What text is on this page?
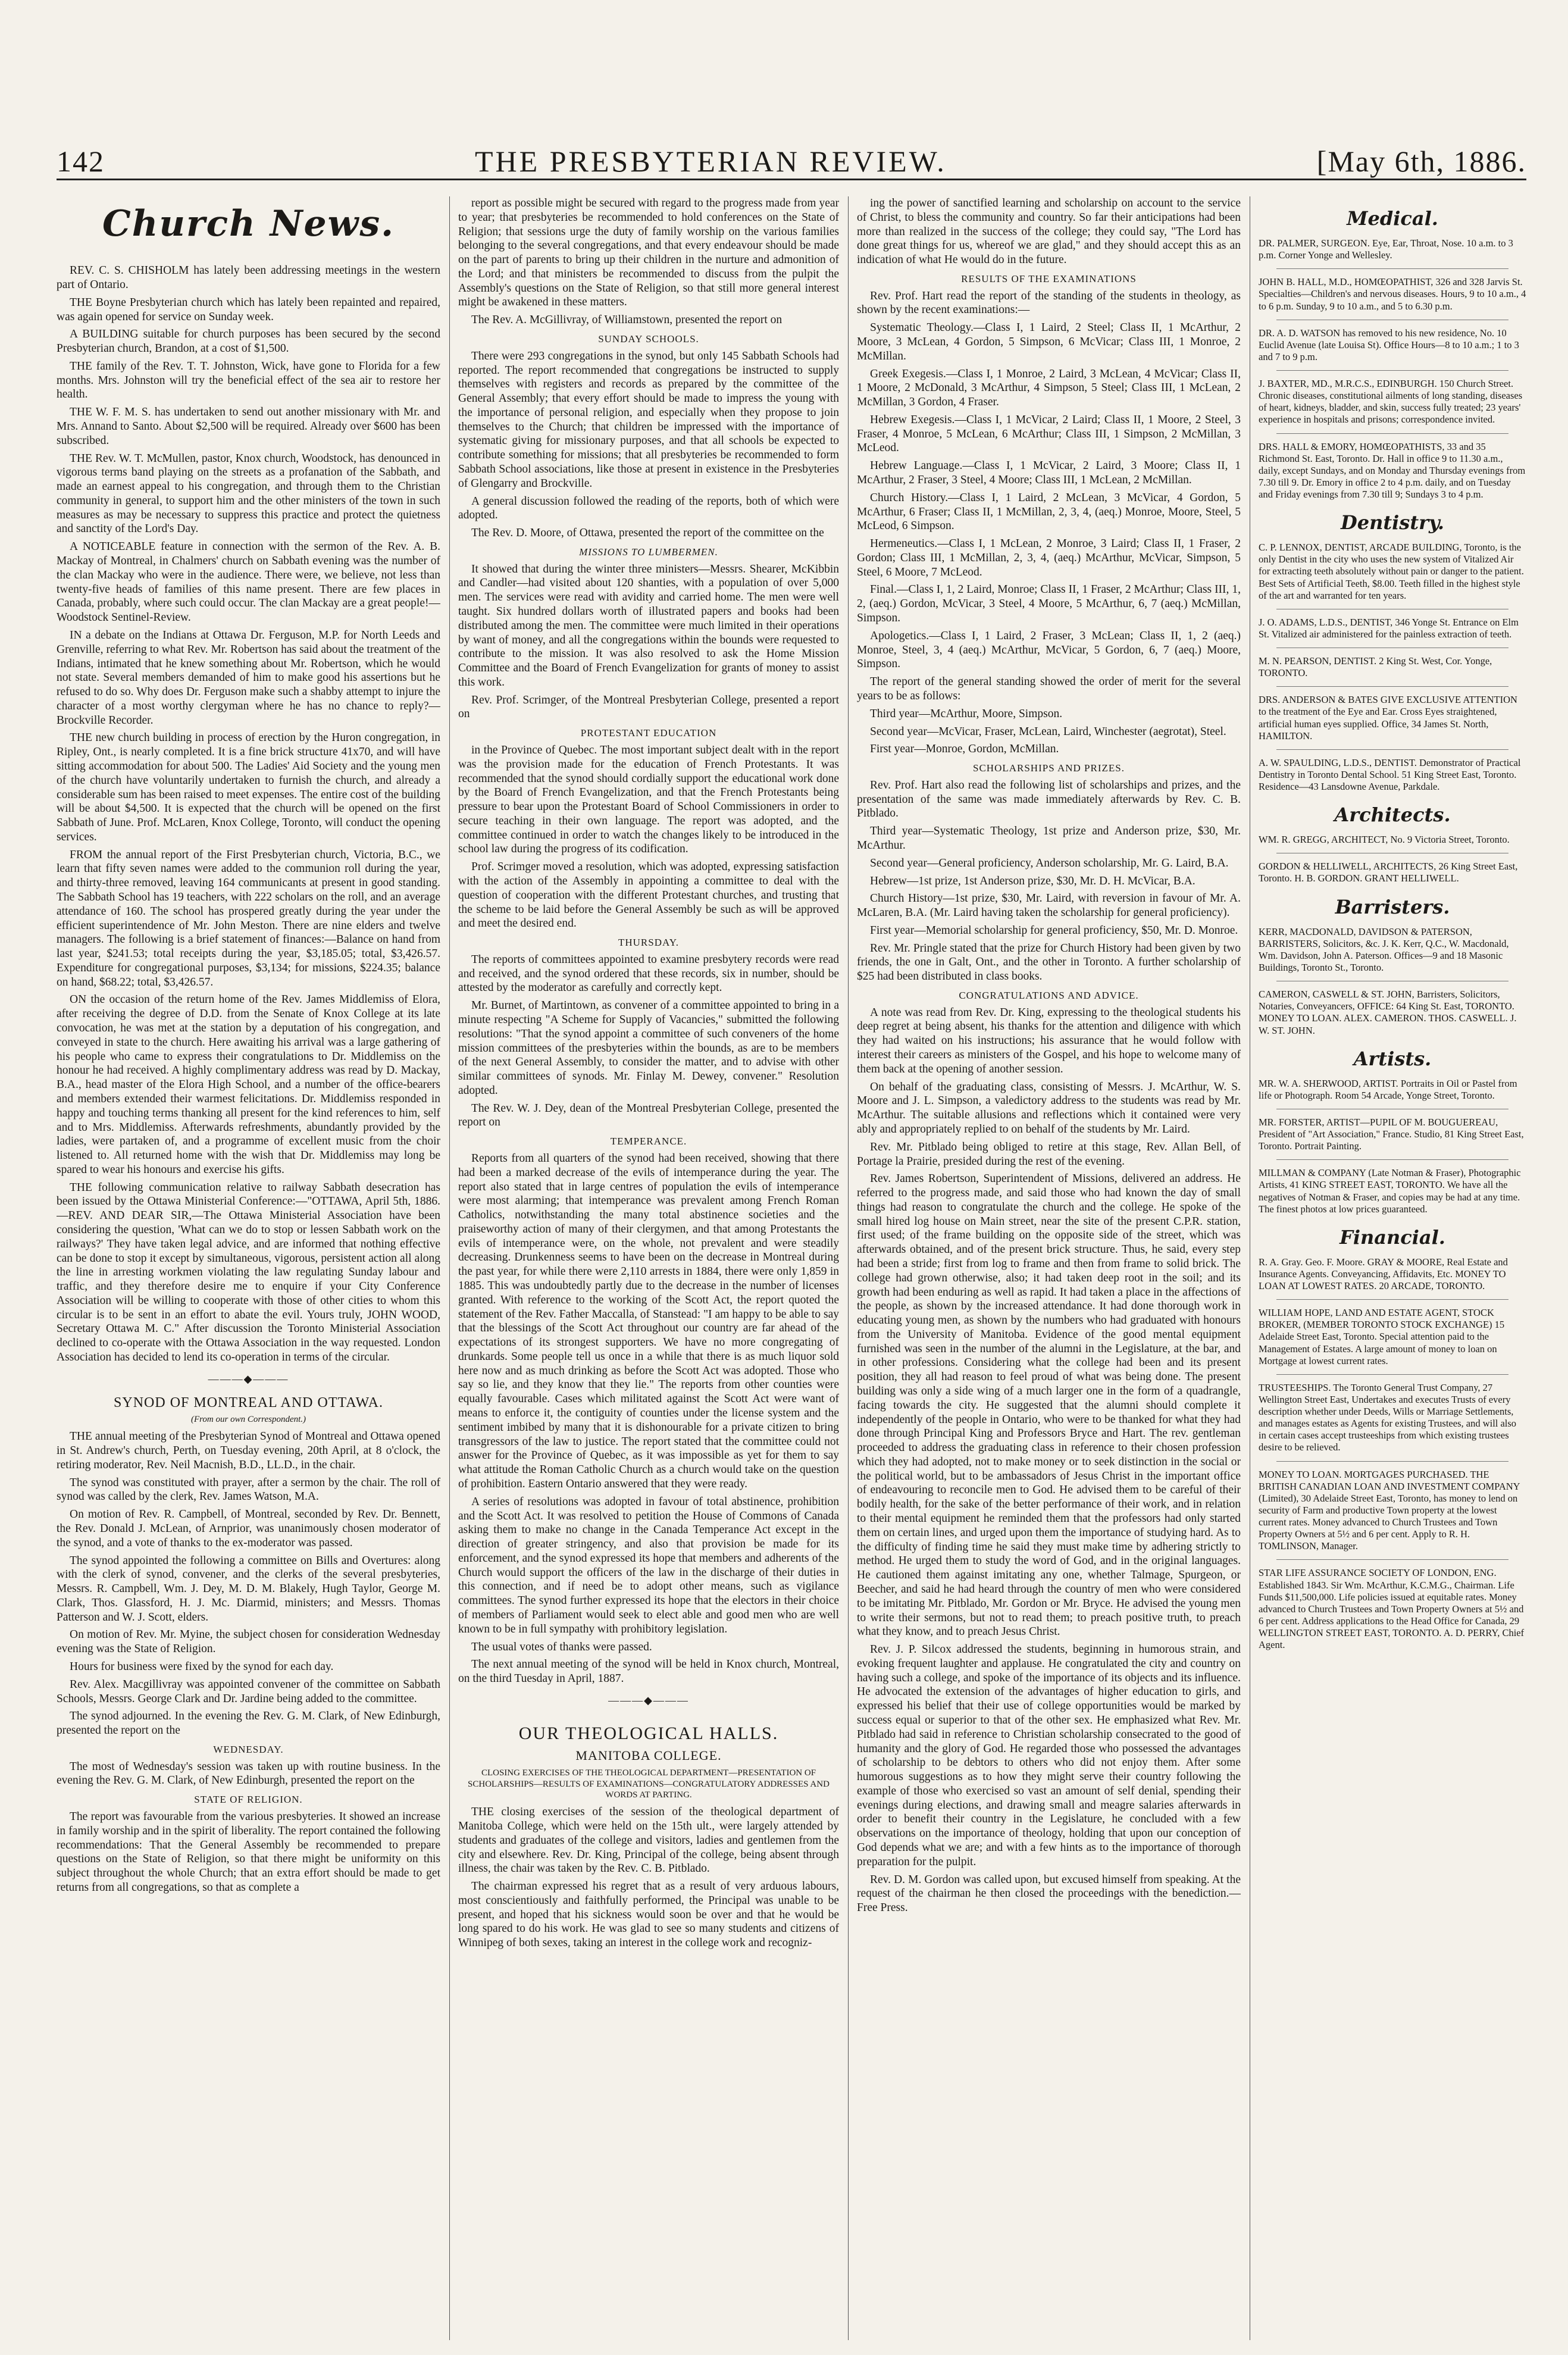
142	THE PRESBYTERIAN REVIEW.	[May 6th, 1886.
Church News.

REV. C. S. CHISHOLM has lately been addressing meetings in the western part of Ontario.

THE Boyne Presbyterian church which has lately been repainted and repaired, was again opened for service on Sunday week.

A BUILDING suitable for church purposes has been secured by the second Presbyterian church, Brandon, at a cost of $1,500.

THE family of the Rev. T. T. Johnston, Wick, have gone to Florida for a few months. Mrs. Johnston will try the beneficial effect of the sea air to restore her health.

THE W. F. M. S. has undertaken to send out another missionary with Mr. and Mrs. Annand to Santo. About $2,500 will be required. Already over $600 has been subscribed.

THE Rev. W. T. McMullen, pastor, Knox church, Woodstock, has denounced in vigorous terms band playing on the streets as a profanation of the Sabbath, and made an earnest appeal to his congregation, and through them to the Christian community in general, to support him and the other ministers of the town in such measures as may be necessary to suppress this practice and protect the quietness and sanctity of the Lord's Day.

A NOTICEABLE feature in connection with the sermon of the Rev. A. B. Mackay of Montreal, in Chalmers' church on Sabbath evening was the number of the clan Mackay who were in the audience. There were, we believe, not less than twenty-five heads of families of this name present. There are few places in Canada, probably, where such could occur. The clan Mackay are a great people!—Woodstock Sentinel-Review.

IN a debate on the Indians at Ottawa Dr. Ferguson, M.P. for North Leeds and Grenville, referring to what Rev. Mr. Robertson has said about the treatment of the Indians, intimated that he knew something about Mr. Robertson, which he would not state. Several members demanded of him to make good his assertions but he refused to do so. Why does Dr. Ferguson make such a shabby attempt to injure the character of a most worthy clergyman where he has no chance to reply?—Brockville Recorder.

THE new church building in process of erection by the Huron congregation, in Ripley, Ont., is nearly completed. It is a fine brick structure 41x70, and will have sitting accommodation for about 500. The Ladies' Aid Society and the young men of the church have voluntarily undertaken to furnish the church, and already a considerable sum has been raised to meet expenses. The entire cost of the building will be about $4,500. It is expected that the church will be opened on the first Sabbath of June. Prof. McLaren, Knox College, Toronto, will conduct the opening services.

FROM the annual report of the First Presbyterian church, Victoria, B.C., we learn that fifty seven names were added to the communion roll during the year, and thirty-three removed, leaving 164 communicants at present in good standing. The Sabbath School has 19 teachers, with 222 scholars on the roll, and an average attendance of 160. The school has prospered greatly during the year under the efficient superintendence of Mr. John Meston. There are nine elders and twelve managers. The following is a brief statement of finances:—Balance on hand from last year, $241.53; total receipts during the year, $3,185.05; total, $3,426.57. Expenditure for congregational purposes, $3,134; for missions, $224.35; balance on hand, $68.22; total, $3,426.57.

ON the occasion of the return home of the Rev. James Middlemiss of Elora, after receiving the degree of D.D. from the Senate of Knox College at its late convocation, he was met at the station by a deputation of his congregation, and conveyed in state to the church. Here awaiting his arrival was a large gathering of his people who came to express their congratulations to Dr. Middlemiss on the honour he had received. A highly complimentary address was read by D. Mackay, B.A., head master of the Elora High School, and a number of the office-bearers and members extended their warmest felicitations. Dr. Middlemiss responded in happy and touching terms thanking all present for the kind references to him, self and to Mrs. Middlemiss. Afterwards refreshments, abundantly provided by the ladies, were partaken of, and a programme of excellent music from the choir listened to. All returned home with the wish that Dr. Middlemiss may long be spared to wear his honours and exercise his gifts.

THE following communication relative to railway Sabbath desecration has been issued by the Ottawa Ministerial Conference:—"OTTAWA, April 5th, 1886.—REV. AND DEAR SIR,—The Ottawa Ministerial Association have been considering the question, 'What can we do to stop or lessen Sabbath work on the railways?' They have taken legal advice, and are informed that nothing effective can be done to stop it except by simultaneous, vigorous, persistent action all along the line in arresting workmen violating the law regulating Sunday labour and traffic, and they therefore desire me to enquire if your City Conference Association will be willing to cooperate with those of other cities to whom this circular is to be sent in an effort to abate the evil. Yours truly, JOHN WOOD, Secretary Ottawa M. C." After discussion the Toronto Ministerial Association declined to co-operate with the Ottawa Association in the way requested. London Association has decided to lend its co-operation in terms of the circular.

———◆———
SYNOD OF MONTREAL AND OTTAWA.
(From our own Correspondent.)

THE annual meeting of the Presbyterian Synod of Montreal and Ottawa opened in St. Andrew's church, Perth, on Tuesday evening, 20th April, at 8 o'clock, the retiring moderator, Rev. Neil Macnish, B.D., LL.D., in the chair.

The synod was constituted with prayer, after a sermon by the chair. The roll of synod was called by the clerk, Rev. James Watson, M.A.

On motion of Rev. R. Campbell, of Montreal, seconded by Rev. Dr. Bennett, the Rev. Donald J. McLean, of Arnprior, was unanimously chosen moderator of the synod, and a vote of thanks to the ex-moderator was passed.

The synod appointed the following a committee on Bills and Overtures: along with the clerk of synod, convener, and the clerks of the several presbyteries, Messrs. R. Campbell, Wm. J. Dey, M. D. M. Blakely, Hugh Taylor, George M. Clark, Thos. Glassford, H. J. Mc. Diarmid, ministers; and Messrs. Thomas Patterson and W. J. Scott, elders.

On motion of Rev. Mr. Myine, the subject chosen for consideration Wednesday evening was the State of Religion.

Hours for business were fixed by the synod for each day.

Rev. Alex. Macgillivray was appointed convener of the committee on Sabbath Schools, Messrs. George Clark and Dr. Jardine being added to the committee.

The synod adjourned. In the evening the Rev. G. M. Clark, of New Edinburgh, presented the report on the

WEDNESDAY.

The most of Wednesday's session was taken up with routine business. In the evening the Rev. G. M. Clark, of New Edinburgh, presented the report on the

STATE OF RELIGION.

The report was favourable from the various presbyteries. It showed an increase in family worship and in the spirit of liberality. The report contained the following recommendations: That the General Assembly be recommended to prepare questions on the State of Religion, so that there might be uniformity on this subject throughout the whole Church; that an extra effort should be made to get returns from all congregations, so that as complete a

report as possible might be secured with regard to the progress made from year to year; that presbyteries be recommended to hold conferences on the State of Religion; that sessions urge the duty of family worship on the various families belonging to the several congregations, and that every endeavour should be made on the part of parents to bring up their children in the nurture and admonition of the Lord; and that ministers be recommended to discuss from the pulpit the Assembly's questions on the State of Religion, so that still more general interest might be awakened in these matters.

The Rev. A. McGillivray, of Williamstown, presented the report on

SUNDAY SCHOOLS.

There were 293 congregations in the synod, but only 145 Sabbath Schools had reported. The report recommended that congregations be instructed to supply themselves with registers and records as prepared by the committee of the General Assembly; that every effort should be made to impress the young with the importance of personal religion, and especially when they propose to join themselves to the Church; that children be impressed with the importance of systematic giving for missionary purposes, and that all schools be expected to contribute something for missions; that all presbyteries be recommended to form Sabbath School associations, like those at present in existence in the Presbyteries of Glengarry and Brockville.

A general discussion followed the reading of the reports, both of which were adopted.

The Rev. D. Moore, of Ottawa, presented the report of the committee on the

MISSIONS TO LUMBERMEN.

It showed that during the winter three ministers—Messrs. Shearer, McKibbin and Candler—had visited about 120 shanties, with a population of over 5,000 men. The services were read with avidity and carried home. The men were well taught. Six hundred dollars worth of illustrated papers and books had been distributed among the men. The committee were much limited in their operations by want of money, and all the congregations within the bounds were requested to contribute to the mission. It was also resolved to ask the Home Mission Committee and the Board of French Evangelization for grants of money to assist this work.

Rev. Prof. Scrimger, of the Montreal Presbyterian College, presented a report on

PROTESTANT EDUCATION

in the Province of Quebec. The most important subject dealt with in the report was the provision made for the education of French Protestants. It was recommended that the synod should cordially support the educational work done by the Board of French Evangelization, and that the French Protestants being pressure to bear upon the Protestant Board of School Commissioners in order to secure teaching in their own language. The report was adopted, and the committee continued in order to watch the changes likely to be introduced in the school law during the progress of its codification.

Prof. Scrimger moved a resolution, which was adopted, expressing satisfaction with the action of the Assembly in appointing a committee to deal with the question of cooperation with the different Protestant churches, and trusting that the scheme to be laid before the General Assembly be such as will be approved and meet the desired end.

THURSDAY.

The reports of committees appointed to examine presbytery records were read and received, and the synod ordered that these records, six in number, should be attested by the moderator as carefully and correctly kept.

Mr. Burnet, of Martintown, as convener of a committee appointed to bring in a minute respecting "A Scheme for Supply of Vacancies," submitted the following resolutions: "That the synod appoint a committee of such conveners of the home mission committees of the presbyteries within the bounds, as are to be members of the next General Assembly, to consider the matter, and to advise with other similar committees of synods. Mr. Finlay M. Dewey, convener." Resolution adopted.

The Rev. W. J. Dey, dean of the Montreal Presbyterian College, presented the report on

TEMPERANCE.

Reports from all quarters of the synod had been received, showing that there had been a marked decrease of the evils of intemperance during the year. The report also stated that in large centres of population the evils of intemperance were most alarming; that intemperance was prevalent among French Roman Catholics, notwithstanding the many total abstinence societies and the praiseworthy action of many of their clergymen, and that among Protestants the evils of intemperance were, on the whole, not prevalent and were steadily decreasing. Drunkenness seems to have been on the decrease in Montreal during the past year, for while there were 2,110 arrests in 1884, there were only 1,859 in 1885. This was undoubtedly partly due to the decrease in the number of licenses granted. With reference to the working of the Scott Act, the report quoted the statement of the Rev. Father Maccalla, of Stanstead: "I am happy to be able to say that the blessings of the Scott Act throughout our country are far ahead of the expectations of its strongest supporters. We have no more congregating of drunkards. Some people tell us once in a while that there is as much liquor sold here now and as much drinking as before the Scott Act was adopted. Those who say so lie, and they know that they lie." The reports from other counties were equally favourable. Cases which militated against the Scott Act were want of means to enforce it, the contiguity of counties under the license system and the sentiment imbibed by many that it is dishonourable for a private citizen to bring transgressors of the law to justice. The report stated that the committee could not answer for the Province of Quebec, as it was impossible as yet for them to say what attitude the Roman Catholic Church as a church would take on the question of prohibition. Eastern Ontario answered that they were ready.

A series of resolutions was adopted in favour of total abstinence, prohibition and the Scott Act. It was resolved to petition the House of Commons of Canada asking them to make no change in the Canada Temperance Act except in the direction of greater stringency, and also that provision be made for its enforcement, and the synod expressed its hope that members and adherents of the Church would support the officers of the law in the discharge of their duties in this connection, and if need be to adopt other means, such as vigilance committees. The synod further expressed its hope that the electors in their choice of members of Parliament would seek to elect able and good men who are well known to be in full sympathy with prohibitory legislation.

The usual votes of thanks were passed.

The next annual meeting of the synod will be held in Knox church, Montreal, on the third Tuesday in April, 1887.

———◆———
OUR THEOLOGICAL HALLS.
MANITOBA COLLEGE.
CLOSING EXERCISES OF THE THEOLOGICAL DEPARTMENT—PRESENTATION OF SCHOLARSHIPS—RESULTS OF EXAMINATIONS—CONGRATULATORY ADDRESSES AND WORDS AT PARTING.

THE closing exercises of the session of the theological department of Manitoba College, which were held on the 15th ult., were largely attended by students and graduates of the college and visitors, ladies and gentlemen from the city and elsewhere. Rev. Dr. King, Principal of the college, being absent through illness, the chair was taken by the Rev. C. B. Pitblado.

The chairman expressed his regret that as a result of very arduous labours, most conscientiously and faithfully performed, the Principal was unable to be present, and hoped that his sickness would soon be over and that he would be long spared to do his work. He was glad to see so many students and citizens of Winnipeg of both sexes, taking an interest in the college work and recogniz-

ing the power of sanctified learning and scholarship on account to the service of Christ, to bless the community and country. So far their anticipations had been more than realized in the success of the college; they could say, "The Lord has done great things for us, whereof we are glad," and they should accept this as an indication of what He would do in the future.

RESULTS OF THE EXAMINATIONS

Rev. Prof. Hart read the report of the standing of the students in theology, as shown by the recent examinations:—

Systematic Theology.—Class I, 1 Laird, 2 Steel; Class II, 1 McArthur, 2 Moore, 3 McLean, 4 Gordon, 5 Simpson, 6 McVicar; Class III, 1 Monroe, 2 McMillan.

Greek Exegesis.—Class I, 1 Monroe, 2 Laird, 3 McLean, 4 McVicar; Class II, 1 Moore, 2 McDonald, 3 McArthur, 4 Simpson, 5 Steel; Class III, 1 McLean, 2 McMillan, 3 Gordon, 4 Fraser.

Hebrew Exegesis.—Class I, 1 McVicar, 2 Laird; Class II, 1 Moore, 2 Steel, 3 Fraser, 4 Monroe, 5 McLean, 6 McArthur; Class III, 1 Simpson, 2 McMillan, 3 McLeod.

Hebrew Language.—Class I, 1 McVicar, 2 Laird, 3 Moore; Class II, 1 McArthur, 2 Fraser, 3 Steel, 4 Moore; Class III, 1 McLean, 2 McMillan.

Church History.—Class I, 1 Laird, 2 McLean, 3 McVicar, 4 Gordon, 5 McArthur, 6 Fraser; Class II, 1 McMillan, 2, 3, 4, (aeq.) Monroe, Moore, Steel, 5 McLeod, 6 Simpson.

Hermeneutics.—Class I, 1 McLean, 2 Monroe, 3 Laird; Class II, 1 Fraser, 2 Gordon; Class III, 1 McMillan, 2, 3, 4, (aeq.) McArthur, McVicar, Simpson, 5 Steel, 6 Moore, 7 McLeod.

Final.—Class I, 1, 2 Laird, Monroe; Class II, 1 Fraser, 2 McArthur; Class III, 1, 2, (aeq.) Gordon, McVicar, 3 Steel, 4 Moore, 5 McArthur, 6, 7 (aeq.) McMillan, Simpson.

Apologetics.—Class I, 1 Laird, 2 Fraser, 3 McLean; Class II, 1, 2 (aeq.) Monroe, Steel, 3, 4 (aeq.) McArthur, McVicar, 5 Gordon, 6, 7 (aeq.) Moore, Simpson.

The report of the general standing showed the order of merit for the several years to be as follows:

Third year—McArthur, Moore, Simpson.

Second year—McVicar, Fraser, McLean, Laird, Winchester (aegrotat), Steel.

First year—Monroe, Gordon, McMillan.

SCHOLARSHIPS AND PRIZES.

Rev. Prof. Hart also read the following list of scholarships and prizes, and the presentation of the same was made immediately afterwards by Rev. C. B. Pitblado.

Third year—Systematic Theology, 1st prize and Anderson prize, $30, Mr. McArthur.

Second year—General proficiency, Anderson scholarship, Mr. G. Laird, B.A.

Hebrew—1st prize, 1st Anderson prize, $30, Mr. D. H. McVicar, B.A.

Church History—1st prize, $30, Mr. Laird, with reversion in favour of Mr. A. McLaren, B.A. (Mr. Laird having taken the scholarship for general proficiency).

First year—Memorial scholarship for general proficiency, $50, Mr. D. Monroe.

Rev. Mr. Pringle stated that the prize for Church History had been given by two friends, the one in Galt, Ont., and the other in Toronto. A further scholarship of $25 had been distributed in class books.

CONGRATULATIONS AND ADVICE.

A note was read from Rev. Dr. King, expressing to the theological students his deep regret at being absent, his thanks for the attention and diligence with which they had waited on his instructions; his assurance that he would follow with interest their careers as ministers of the Gospel, and his hope to welcome many of them back at the opening of another session.

On behalf of the graduating class, consisting of Messrs. J. McArthur, W. S. Moore and J. L. Simpson, a valedictory address to the students was read by Mr. McArthur. The suitable allusions and reflections which it contained were very ably and appropriately replied to on behalf of the students by Mr. Laird.

Rev. Mr. Pitblado being obliged to retire at this stage, Rev. Allan Bell, of Portage la Prairie, presided during the rest of the evening.

Rev. James Robertson, Superintendent of Missions, delivered an address. He referred to the progress made, and said those who had known the day of small things had reason to congratulate the church and the college. He spoke of the small hired log house on Main street, near the site of the present C.P.R. station, first used; of the frame building on the opposite side of the street, which was afterwards obtained, and of the present brick structure. Thus, he said, every step had been a stride; first from log to frame and then from frame to solid brick. The college had grown otherwise, also; it had taken deep root in the soil; and its growth had been enduring as well as rapid. It had taken a place in the affections of the people, as shown by the increased attendance. It had done thorough work in educating young men, as shown by the numbers who had graduated with honours from the University of Manitoba. Evidence of the good mental equipment furnished was seen in the number of the alumni in the Legislature, at the bar, and in other professions. Considering what the college had been and its present position, they all had reason to feel proud of what was being done. The present building was only a side wing of a much larger one in the form of a quadrangle, facing towards the city. He suggested that the alumni should complete it independently of the people in Ontario, who were to be thanked for what they had done through Principal King and Professors Bryce and Hart. The rev. gentleman proceeded to address the graduating class in reference to their chosen profession which they had adopted, not to make money or to seek distinction in the social or the political world, but to be ambassadors of Jesus Christ in the important office of endeavouring to reconcile men to God. He advised them to be careful of their bodily health, for the sake of the better performance of their work, and in relation to their mental equipment he reminded them that the professors had only started them on certain lines, and urged upon them the importance of studying hard. As to the difficulty of finding time he said they must make time by adhering strictly to method. He urged them to study the word of God, and in the original languages. He cautioned them against imitating any one, whether Talmage, Spurgeon, or Beecher, and said he had heard through the country of men who were considered to be imitating Mr. Pitblado, Mr. Gordon or Mr. Bryce. He advised the young men to write their sermons, but not to read them; to preach positive truth, to preach what they know, and to preach Jesus Christ.

Rev. J. P. Silcox addressed the students, beginning in humorous strain, and evoking frequent laughter and applause. He congratulated the city and country on having such a college, and spoke of the importance of its objects and its influence. He advocated the extension of the advantages of higher education to girls, and expressed his belief that their use of college opportunities would be marked by success equal or superior to that of the other sex. He emphasized what Rev. Mr. Pitblado had said in reference to Christian scholarship consecrated to the good of humanity and the glory of God. He regarded those who possessed the advantages of scholarship to be debtors to others who did not enjoy them. After some humorous suggestions as to how they might serve their country following the example of those who exercised so vast an amount of self denial, spending their evenings during elections, and drawing small and meagre salaries afterwards in order to benefit their country in the Legislature, he concluded with a few observations on the importance of theology, holding that upon our conception of God depends what we are; and with a few hints as to the importance of thorough preparation for the pulpit.

Rev. D. M. Gordon was called upon, but excused himself from speaking. At the request of the chairman he then closed the proceedings with the benediction.—Free Press.

Medical.
DR. PALMER, SURGEON. Eye, Ear, Throat, Nose. 10 a.m. to 3 p.m. Corner Yonge and Wellesley.
JOHN B. HALL, M.D., HOMŒOPATHIST, 326 and 328 Jarvis St. Specialties—Children's and nervous diseases. Hours, 9 to 10 a.m., 4 to 6 p.m. Sunday, 9 to 10 a.m., and 5 to 6.30 p.m.
DR. A. D. WATSON has removed to his new residence, No. 10 Euclid Avenue (late Louisa St). Office Hours—8 to 10 a.m.; 1 to 3 and 7 to 9 p.m.
J. BAXTER, MD., M.R.C.S., EDINBURGH. 150 Church Street. Chronic diseases, constitutional ailments of long standing, diseases of heart, kidneys, bladder, and skin, success fully treated; 23 years' experience in hospitals and prisons; correspondence invited.
DRS. HALL & EMORY, HOMŒOPATHISTS, 33 and 35 Richmond St. East, Toronto. Dr. Hall in office 9 to 11.30 a.m., daily, except Sundays, and on Monday and Thursday evenings from 7.30 till 9. Dr. Emory in office 2 to 4 p.m. daily, and on Tuesday and Friday evenings from 7.30 till 9; Sundays 3 to 4 p.m.
Dentistry.
C. P. LENNOX, DENTIST, ARCADE BUILDING, Toronto, is the only Dentist in the city who uses the new system of Vitalized Air for extracting teeth absolutely without pain or danger to the patient. Best Sets of Artificial Teeth, $8.00. Teeth filled in the highest style of the art and warranted for ten years.
J. O. ADAMS, L.D.S., DENTIST, 346 Yonge St. Entrance on Elm St. Vitalized air administered for the painless extraction of teeth.
M. N. PEARSON, DENTIST. 2 King St. West, Cor. Yonge, TORONTO.
DRS. ANDERSON & BATES GIVE EXCLUSIVE ATTENTION to the treatment of the Eye and Ear. Cross Eyes straightened, artificial human eyes supplied. Office, 34 James St. North, HAMILTON.
A. W. SPAULDING, L.D.S., DENTIST. Demonstrator of Practical Dentistry in Toronto Dental School. 51 King Street East, Toronto. Residence—43 Lansdowne Avenue, Parkdale.
Architects.
WM. R. GREGG, ARCHITECT, No. 9 Victoria Street, Toronto.
GORDON & HELLIWELL, ARCHITECTS, 26 King Street East, Toronto. H. B. GORDON. GRANT HELLIWELL.
Barristers.
KERR, MACDONALD, DAVIDSON & PATERSON, BARRISTERS, Solicitors, &c. J. K. Kerr, Q.C., W. Macdonald, Wm. Davidson, John A. Paterson. Offices—9 and 18 Masonic Buildings, Toronto St., Toronto.
CAMERON, CASWELL & ST. JOHN, Barristers, Solicitors, Notaries, Conveyancers, OFFICE: 64 King St. East, TORONTO. MONEY TO LOAN. ALEX. CAMERON. THOS. CASWELL. J. W. ST. JOHN.
Artists.
MR. W. A. SHERWOOD, ARTIST. Portraits in Oil or Pastel from life or Photograph. Room 54 Arcade, Yonge Street, Toronto.
MR. FORSTER, ARTIST—PUPIL OF M. BOUGUEREAU, President of "Art Association," France. Studio, 81 King Street East, Toronto. Portrait Painting.
MILLMAN & COMPANY (Late Notman & Fraser), Photographic Artists, 41 KING STREET EAST, TORONTO. We have all the negatives of Notman & Fraser, and copies may be had at any time. The finest photos at low prices guaranteed.
Financial.
R. A. Gray. Geo. F. Moore. GRAY & MOORE, Real Estate and Insurance Agents. Conveyancing, Affidavits, Etc. MONEY TO LOAN AT LOWEST RATES. 20 ARCADE, TORONTO.
WILLIAM HOPE, LAND AND ESTATE AGENT, STOCK BROKER, (MEMBER TORONTO STOCK EXCHANGE) 15 Adelaide Street East, Toronto. Special attention paid to the Management of Estates. A large amount of money to loan on Mortgage at lowest current rates.
TRUSTEESHIPS. The Toronto General Trust Company, 27 Wellington Street East, Undertakes and executes Trusts of every description whether under Deeds, Wills or Marriage Settlements, and manages estates as Agents for existing Trustees, and will also in certain cases accept trusteeships from which existing trustees desire to be relieved.
MONEY TO LOAN. MORTGAGES PURCHASED. THE BRITISH CANADIAN LOAN AND INVESTMENT COMPANY (Limited), 30 Adelaide Street East, Toronto, has money to lend on security of Farm and productive Town property at the lowest current rates. Money advanced to Church Trustees and Town Property Owners at 5½ and 6 per cent. Apply to R. H. TOMLINSON, Manager.
STAR LIFE ASSURANCE SOCIETY OF LONDON, ENG. Established 1843. Sir Wm. McArthur, K.C.M.G., Chairman. Life Funds $11,500,000. Life policies issued at equitable rates. Money advanced to Church Trustees and Town Property Owners at 5½ and 6 per cent. Address applications to the Head Office for Canada, 29 WELLINGTON STREET EAST, TORONTO. A. D. PERRY, Chief Agent.
